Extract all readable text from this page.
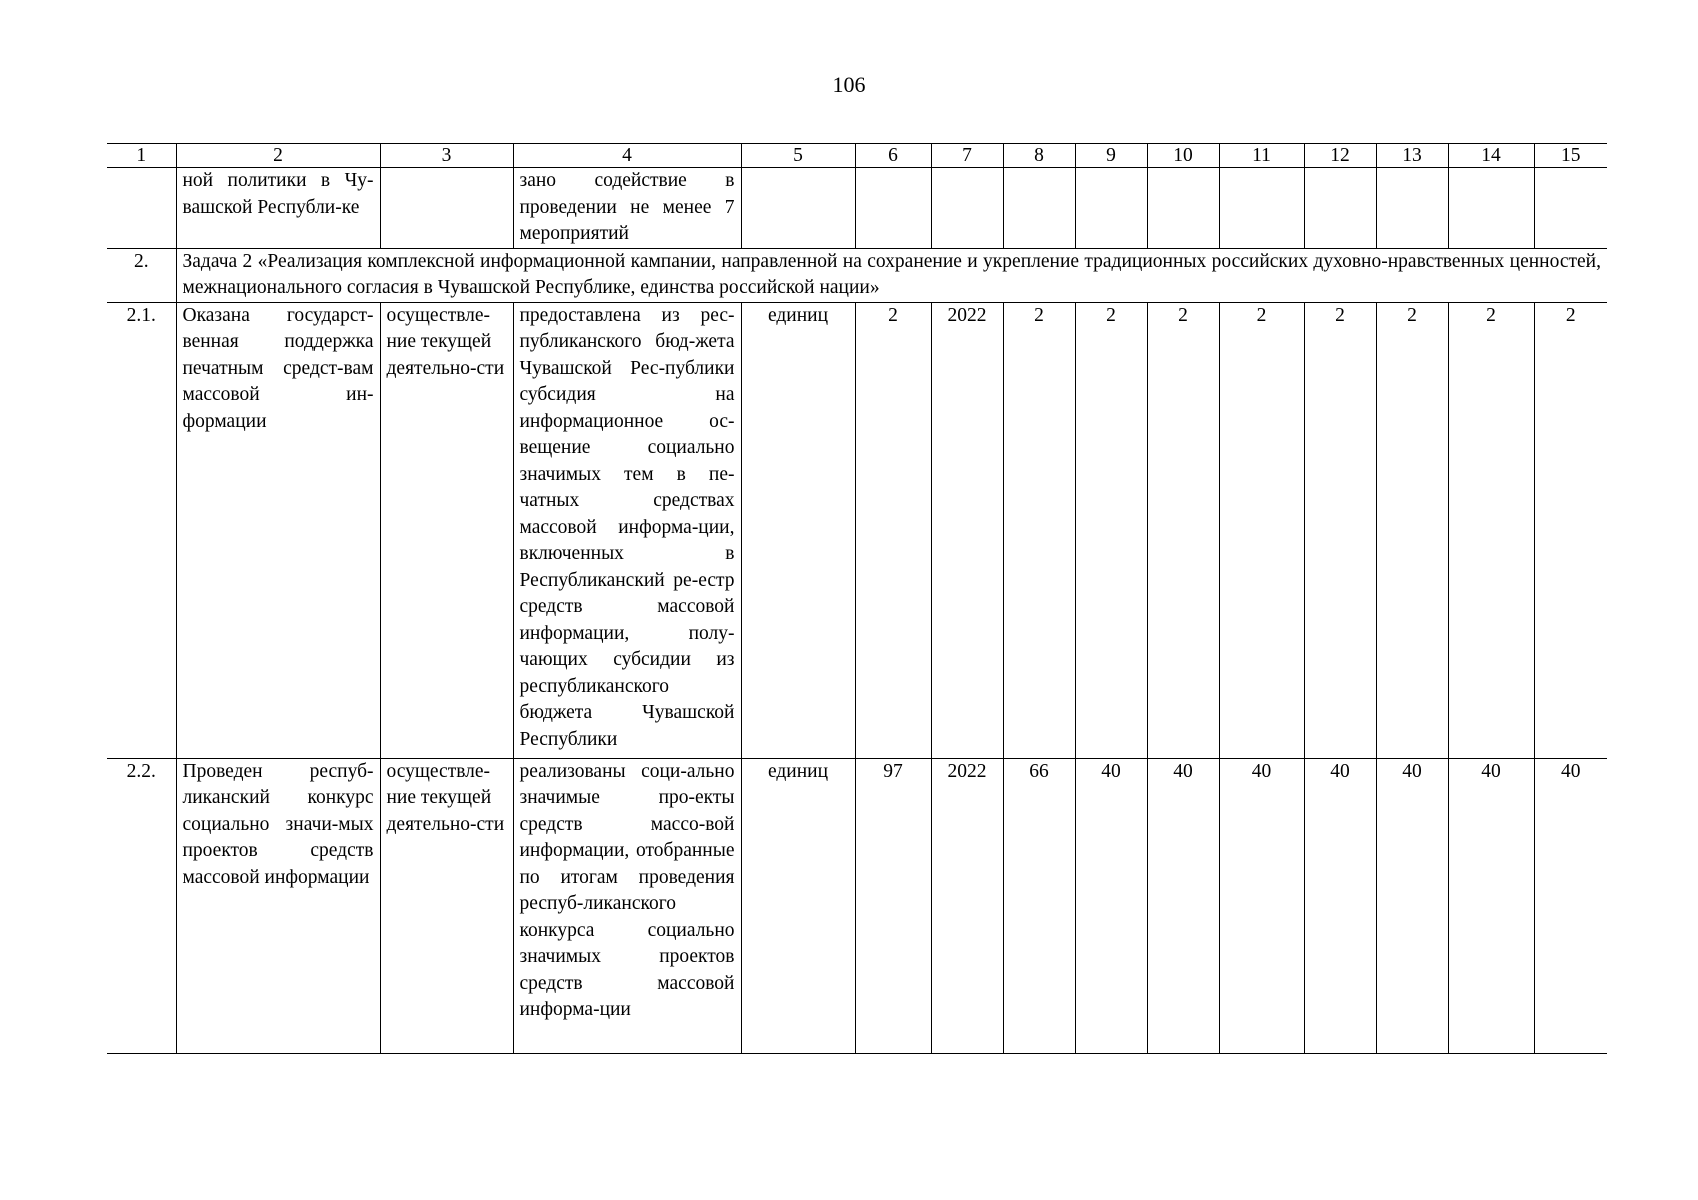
106
1	2	3	4	5	6	7	8	9	10	11	12	13	14	15
	ной политики в Чу-вашской Республи-ке		зано содействие в проведении не менее 7 мероприятий											
2.	Задача 2 «Реализация комплексной информационной кампании, направленной на сохранение и укрепление традиционных российских духовно-нравственных ценностей, межнационального согласия в Чувашской Республике, единства российской нации»													
2.1.	Оказана государст-венная поддержка печатным средст-вам массовой ин-формации	осуществле-ние текущей деятельно-сти	предоставлена из рес-публиканского бюд-жета Чувашской Рес-публики субсидия на информационное ос-вещение социально значимых тем в пе-чатных средствах массовой информа-ции, включенных в Республиканский ре-естр средств массовой информации, полу-чающих субсидии из республиканского бюджета Чувашской Республики	единиц	2	2022	2	2	2	2	2	2	2	2
2.2.	Проведен респуб-ликанский конкурс социально значи-мых проектов средств массовой информации	осуществле-ние текущей деятельно-сти	реализованы соци-ально значимые про-екты средств массо-вой информации, отобранные по итогам проведения респуб-ликанского конкурса социально значимых проектов средств массовой информа-ции	единиц	97	2022	66	40	40	40	40	40	40	40
